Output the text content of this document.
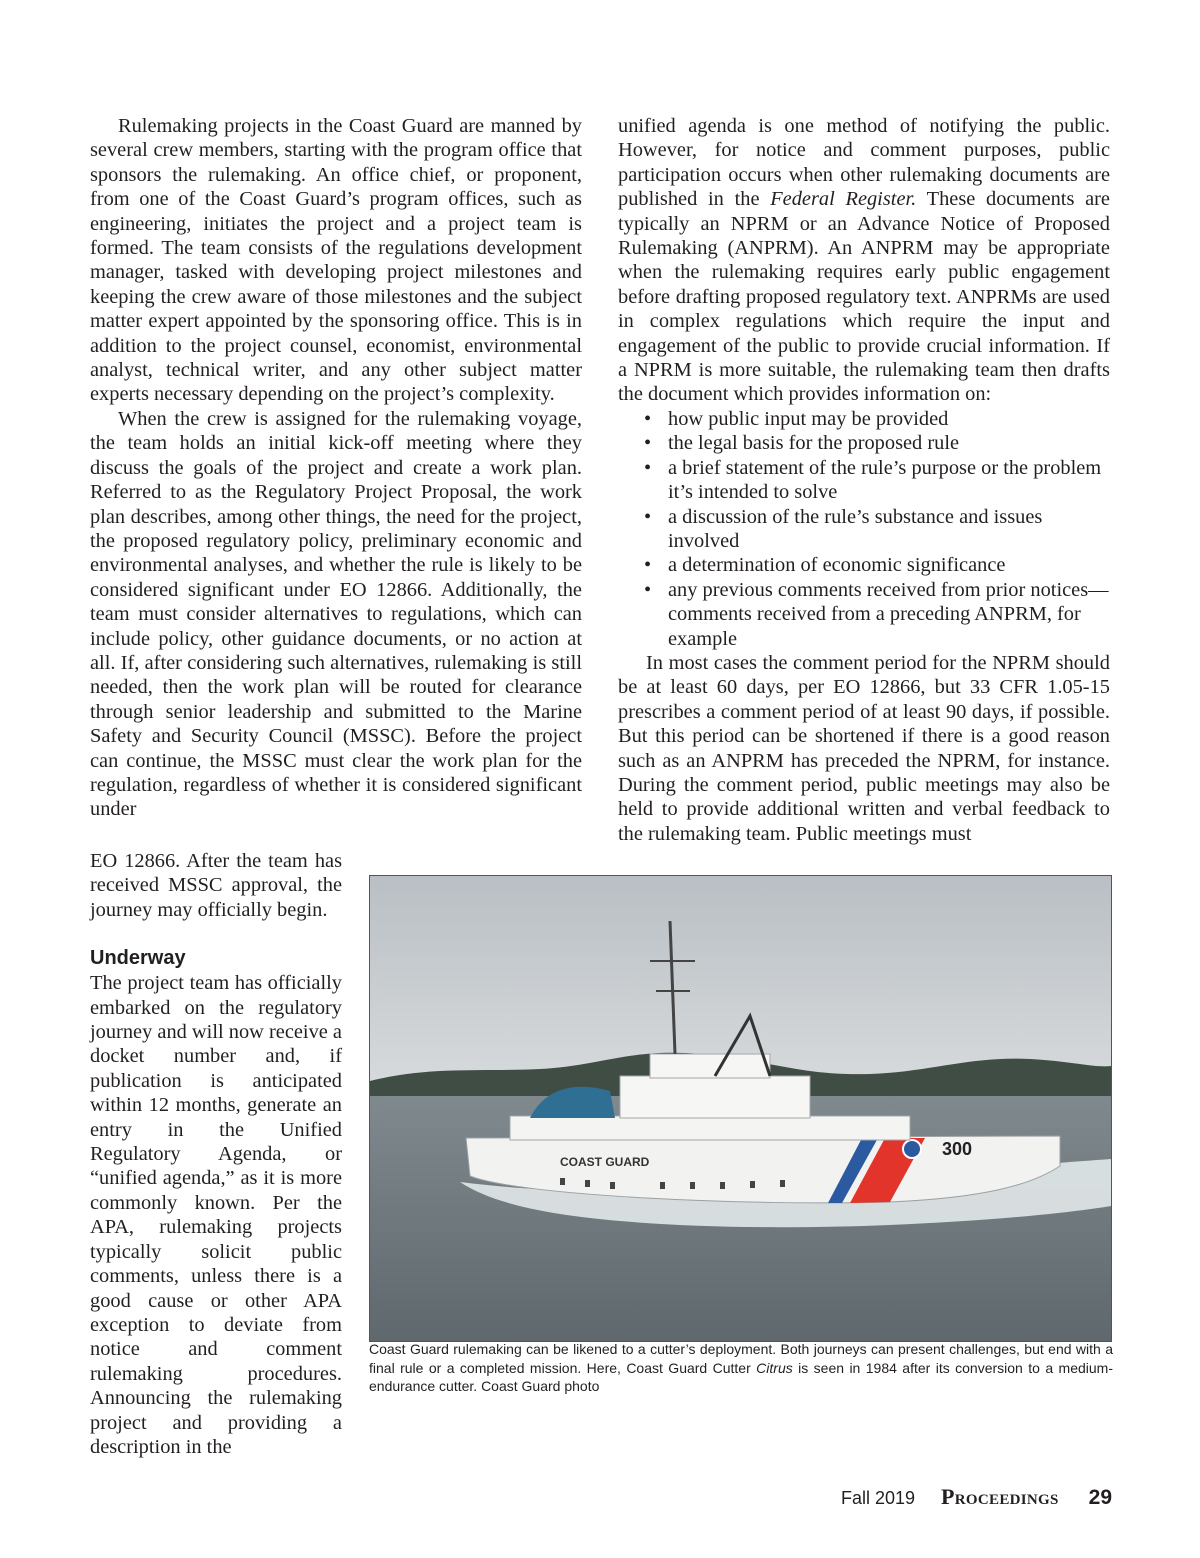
Rulemaking projects in the Coast Guard are manned by several crew members, starting with the program office that sponsors the rulemaking. An office chief, or proponent, from one of the Coast Guard’s program offices, such as engineering, initiates the project and a project team is formed. The team consists of the regulations development manager, tasked with developing project milestones and keeping the crew aware of those milestones and the subject matter expert appointed by the sponsoring office. This is in addition to the project counsel, economist, environmental analyst, technical writer, and any other subject matter experts necessary depending on the project’s complexity.

When the crew is assigned for the rulemaking voyage, the team holds an initial kick-off meeting where they discuss the goals of the project and create a work plan. Referred to as the Regulatory Project Proposal, the work plan describes, among other things, the need for the project, the proposed regulatory policy, preliminary economic and environmental analyses, and whether the rule is likely to be considered significant under EO 12866. Additionally, the team must consider alternatives to regulations, which can include policy, other guidance documents, or no action at all. If, after considering such alternatives, rulemaking is still needed, then the work plan will be routed for clearance through senior leadership and submitted to the Marine Safety and Security Council (MSSC). Before the project can continue, the MSSC must clear the work plan for the regulation, regardless of whether it is considered significant under

EO 12866. After the team has received MSSC approval, the journey may officially begin.

Underway

The project team has officially embarked on the regulatory journey and will now receive a docket number and, if publication is anticipated within 12 months, generate an entry in the Unified Regulatory Agenda, or “unified agenda,” as it is more commonly known. Per the APA, rulemaking projects typically solicit public comments, unless there is a good cause or other APA exception to deviate from notice and comment rulemaking procedures. Announcing the rulemaking project and providing a description in the

unified agenda is one method of notifying the public. However, for notice and comment purposes, public participation occurs when other rulemaking documents are published in the Federal Register. These documents are typically an NPRM or an Advance Notice of Proposed Rulemaking (ANPRM). An ANPRM may be appropriate when the rulemaking requires early public engagement before drafting proposed regulatory text. ANPRMs are used in complex regulations which require the input and engagement of the public to provide crucial information. If a NPRM is more suitable, the rulemaking team then drafts the document which provides information on:

• how public input may be provided
• the legal basis for the proposed rule
• a brief statement of the rule’s purpose or the problem it’s intended to solve
• a discussion of the rule’s substance and issues involved
• a determination of economic significance
• any previous comments received from prior notices—comments received from a preceding ANPRM, for example

In most cases the comment period for the NPRM should be at least 60 days, per EO 12866, but 33 CFR 1.05-15 prescribes a comment period of at least 90 days, if possible. But this period can be shortened if there is a good reason such as an ANPRM has preceded the NPRM, for instance. During the comment period, public meetings may also be held to provide additional written and verbal feedback to the rulemaking team. Public meetings must

300
COAST GUARD
Coast Guard rulemaking can be likened to a cutter’s deployment. Both journeys can present challenges, but end with a final rule or a completed mission. Here, Coast Guard Cutter Citrus is seen in 1984 after its conversion to a medium-endurance cutter. Coast Guard photo
Fall 2019 Proceedings 29
